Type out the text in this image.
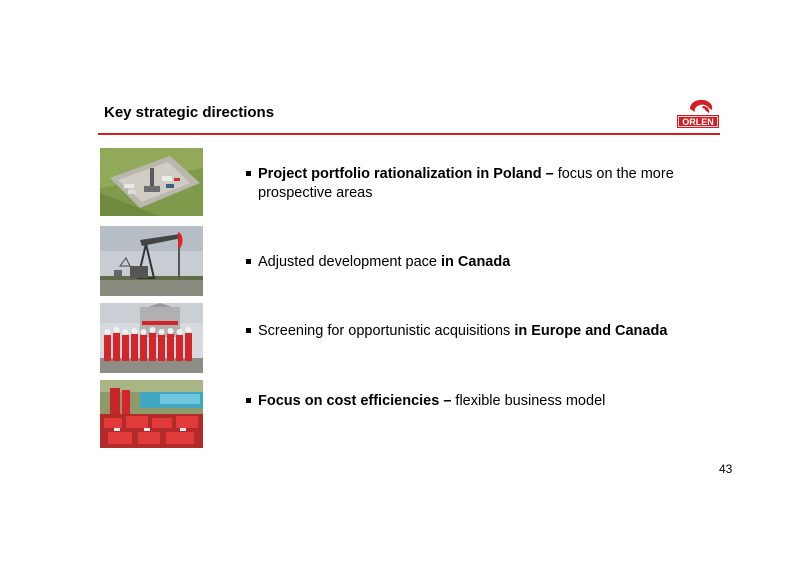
Key strategic directions
ORLEN
Project portfolio rationalization in Poland – focus on the more prospective areas
Adjusted development pace in Canada
Screening for opportunistic acquisitions in Europe and Canada
Focus on cost efficiencies – flexible business model
43
